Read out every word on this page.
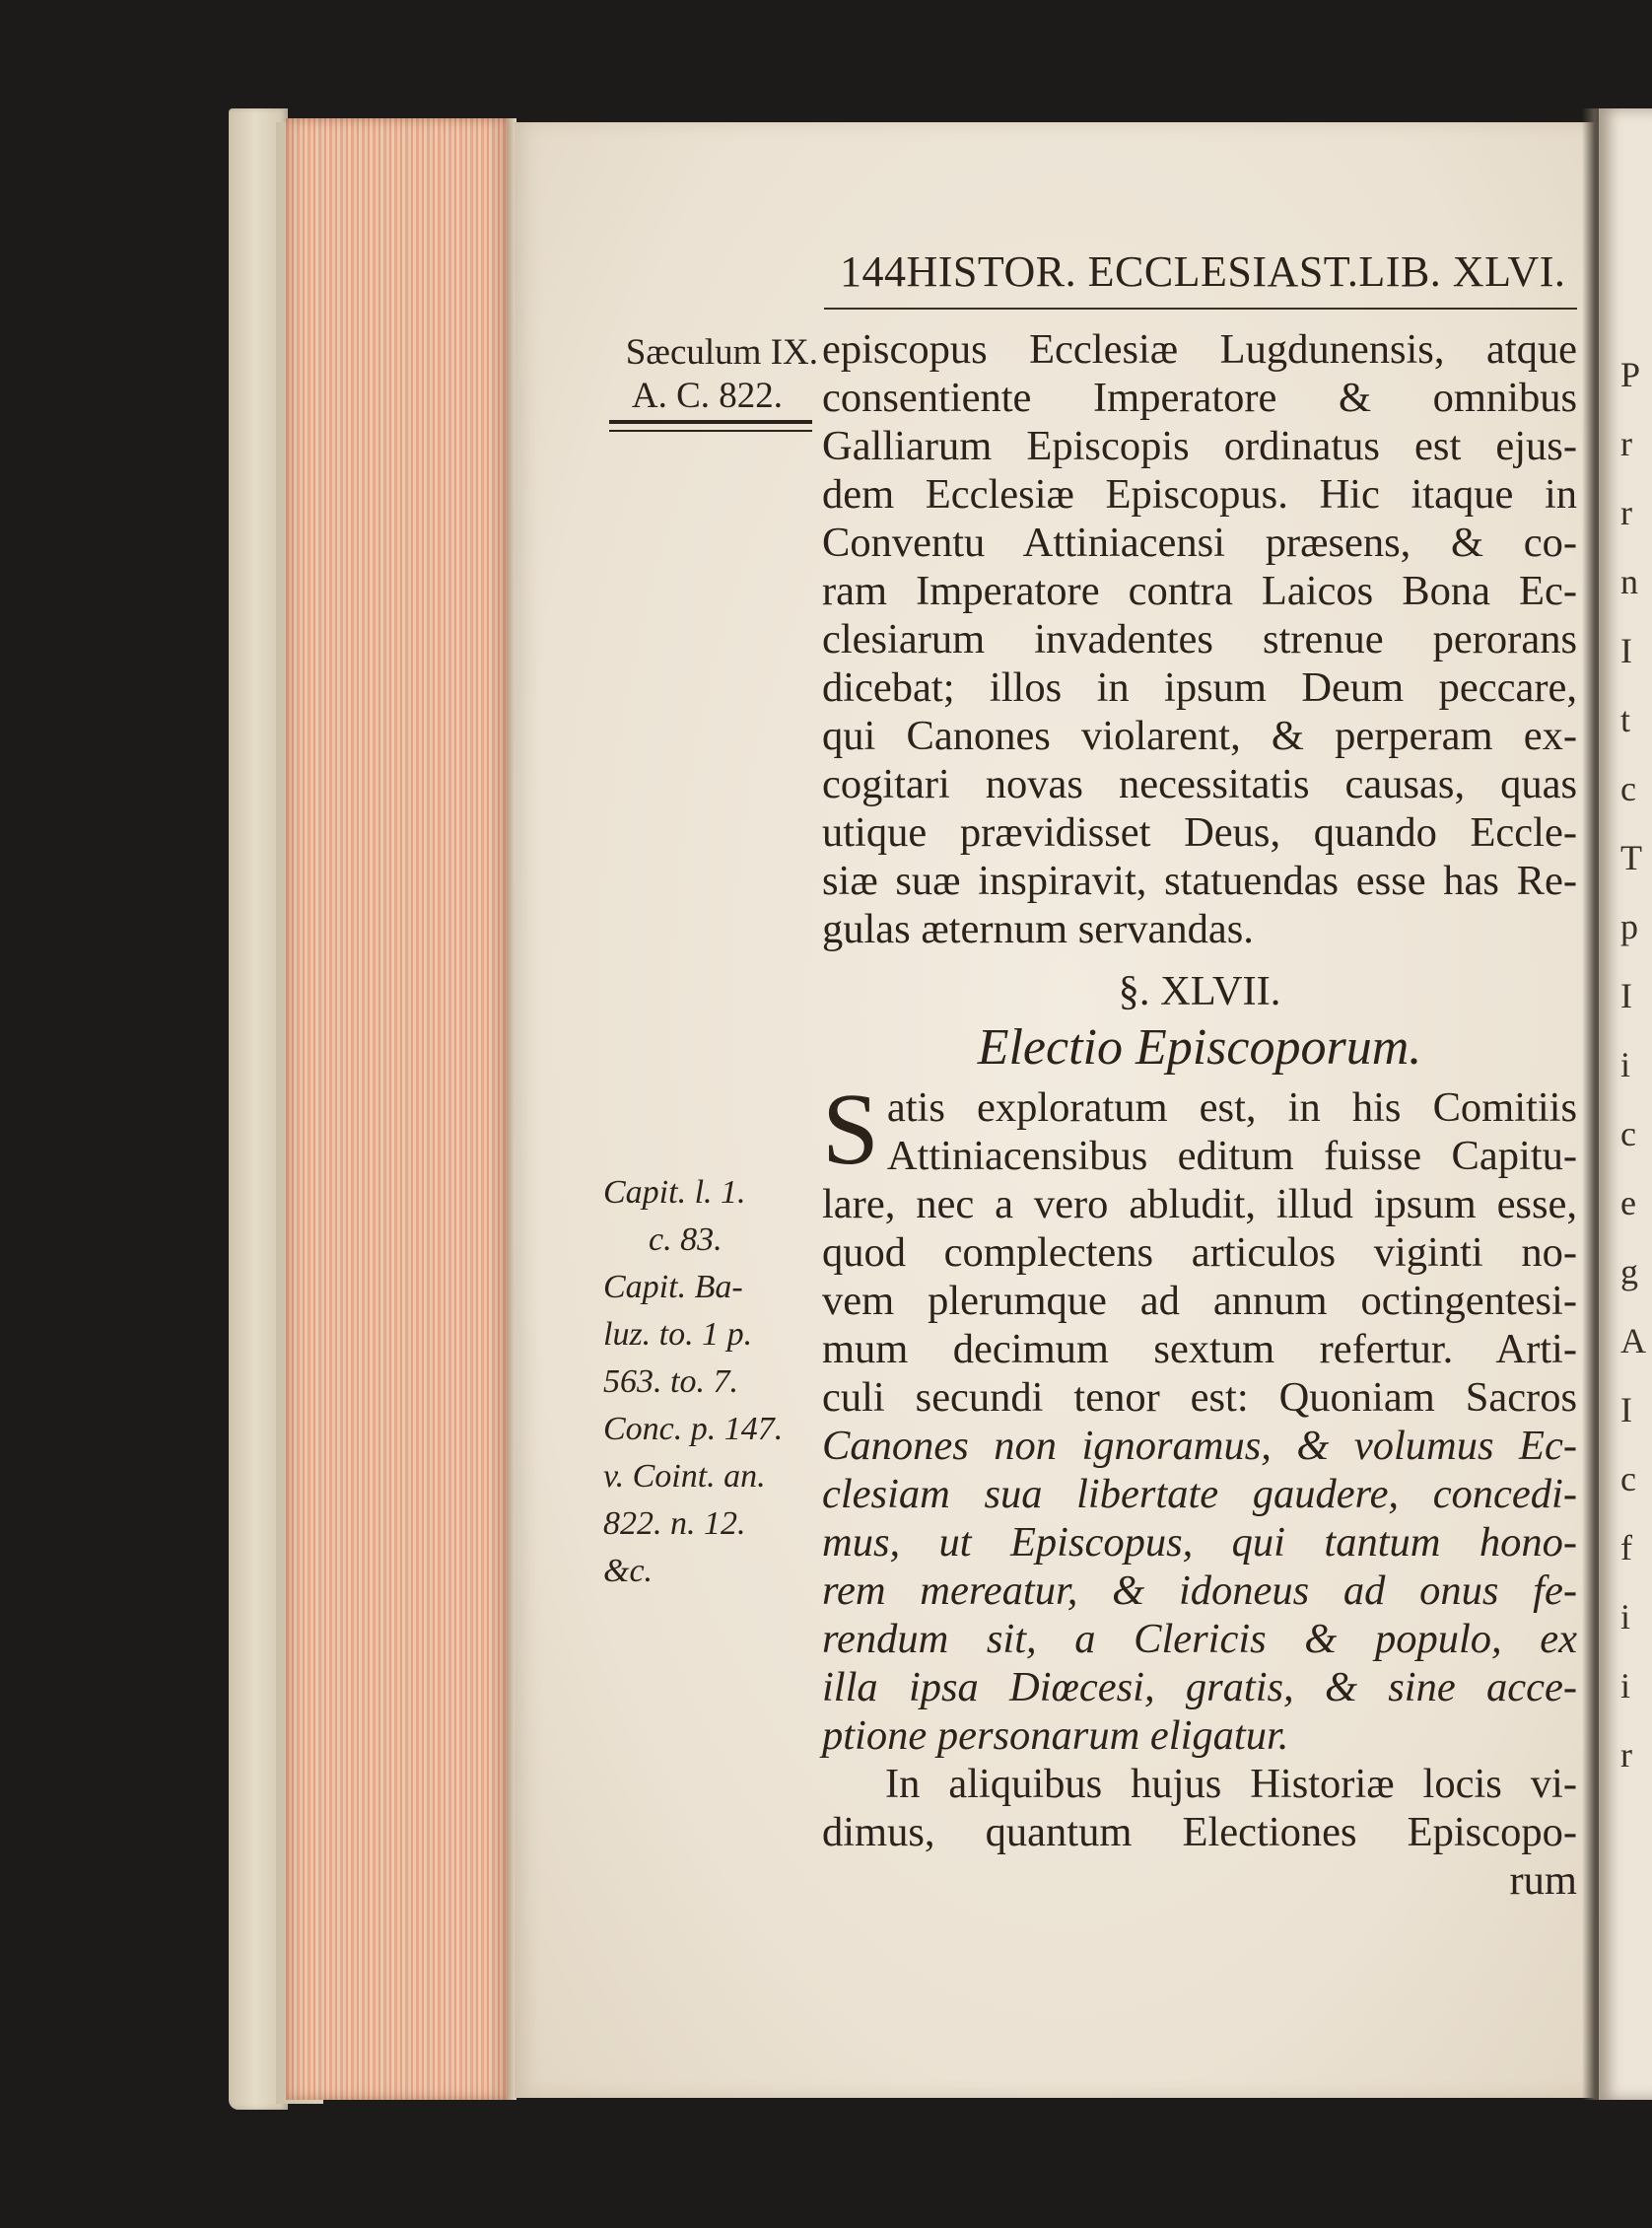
P
r
r
n
I
t
c
T
p
I
i
c
e
g
A
I
c
f
i
i
r
144 HISTOR. ECCLESIAST. LIB. XLVI.
Sæculum IX.
A. C. 822.
Capit. l. 1.
c. 83.
Capit. Ba-
luz. to. 1 p.
563. to. 7.
Conc. p. 147.
v. Coint. an.
822. n. 12.
&c.
episcopus Ecclesiæ Lugdunensis, atque
consentiente Imperatore & omnibus
Galliarum Episcopis ordinatus est ejus-
dem Ecclesiæ Episcopus. Hic itaque in
Conventu Attiniacensi præsens, & co-
ram Imperatore contra Laicos Bona Ec-
clesiarum invadentes strenue perorans
dicebat; illos in ipsum Deum peccare,
qui Canones violarent, & perperam ex-
cogitari novas necessitatis causas, quas
utique prævidisset Deus, quando Eccle-
siæ suæ inspiravit, statuendas esse has Re-
gulas æternum servandas.
§. XLVII.
Electio Episcoporum.
S atis exploratum est, in his Comitiis
Attiniacensibus editum fuisse Capitu-
lare, nec a vero abludit, illud ipsum esse,
quod complectens articulos viginti no-
vem plerumque ad annum octingentesi-
mum decimum sextum refertur. Arti-
culi secundi tenor est: Quoniam Sacros
Canones non ignoramus, & volumus Ec-
clesiam sua libertate gaudere, concedi-
mus, ut Episcopus, qui tantum hono-
rem mereatur, & idoneus ad onus fe-
rendum sit, a Clericis & populo, ex
illa ipsa Diœcesi, gratis, & sine acce-
ptione personarum eligatur.
In aliquibus hujus Historiæ locis vi-
dimus, quantum Electiones Episcopo-
rum
